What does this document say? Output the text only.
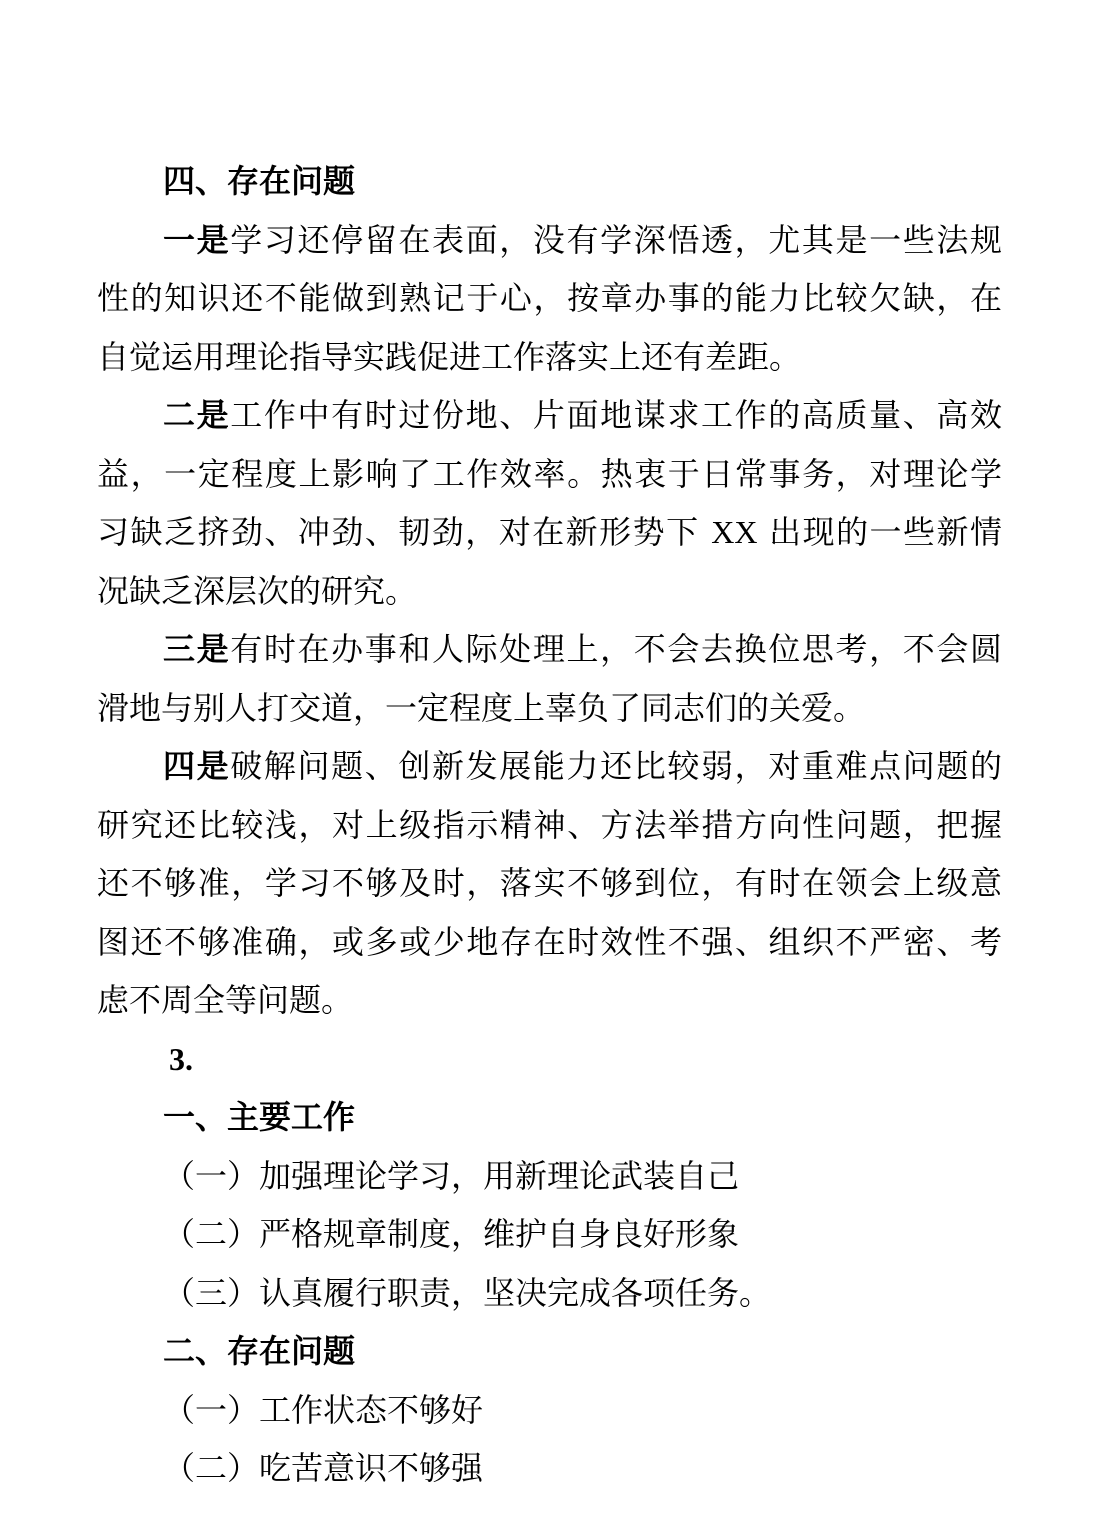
四、存在问题
一是学习还停留在表面，没有学深悟透，尤其是一些法规
性的知识还不能做到熟记于心，按章办事的能力比较欠缺，在
自觉运用理论指导实践促进工作落实上还有差距。
二是工作中有时过份地、片面地谋求工作的高质量、高效
益，一定程度上影响了工作效率。热衷于日常事务，对理论学
习缺乏挤劲、冲劲、韧劲，对在新形势下 XX 出现的一些新情
况缺乏深层次的研究。
三是有时在办事和人际处理上，不会去换位思考，不会圆
滑地与别人打交道，一定程度上辜负了同志们的关爱。
四是破解问题、创新发展能力还比较弱，对重难点问题的
研究还比较浅，对上级指示精神、方法举措方向性问题，把握
还不够准，学习不够及时，落实不够到位，有时在领会上级意
图还不够准确，或多或少地存在时效性不强、组织不严密、考
虑不周全等问题。
3.
一、主要工作
（一）加强理论学习，用新理论武装自己
（二）严格规章制度，维护自身良好形象
（三）认真履行职责，坚决完成各项任务。
二、存在问题
（一）工作状态不够好
（二）吃苦意识不够强
